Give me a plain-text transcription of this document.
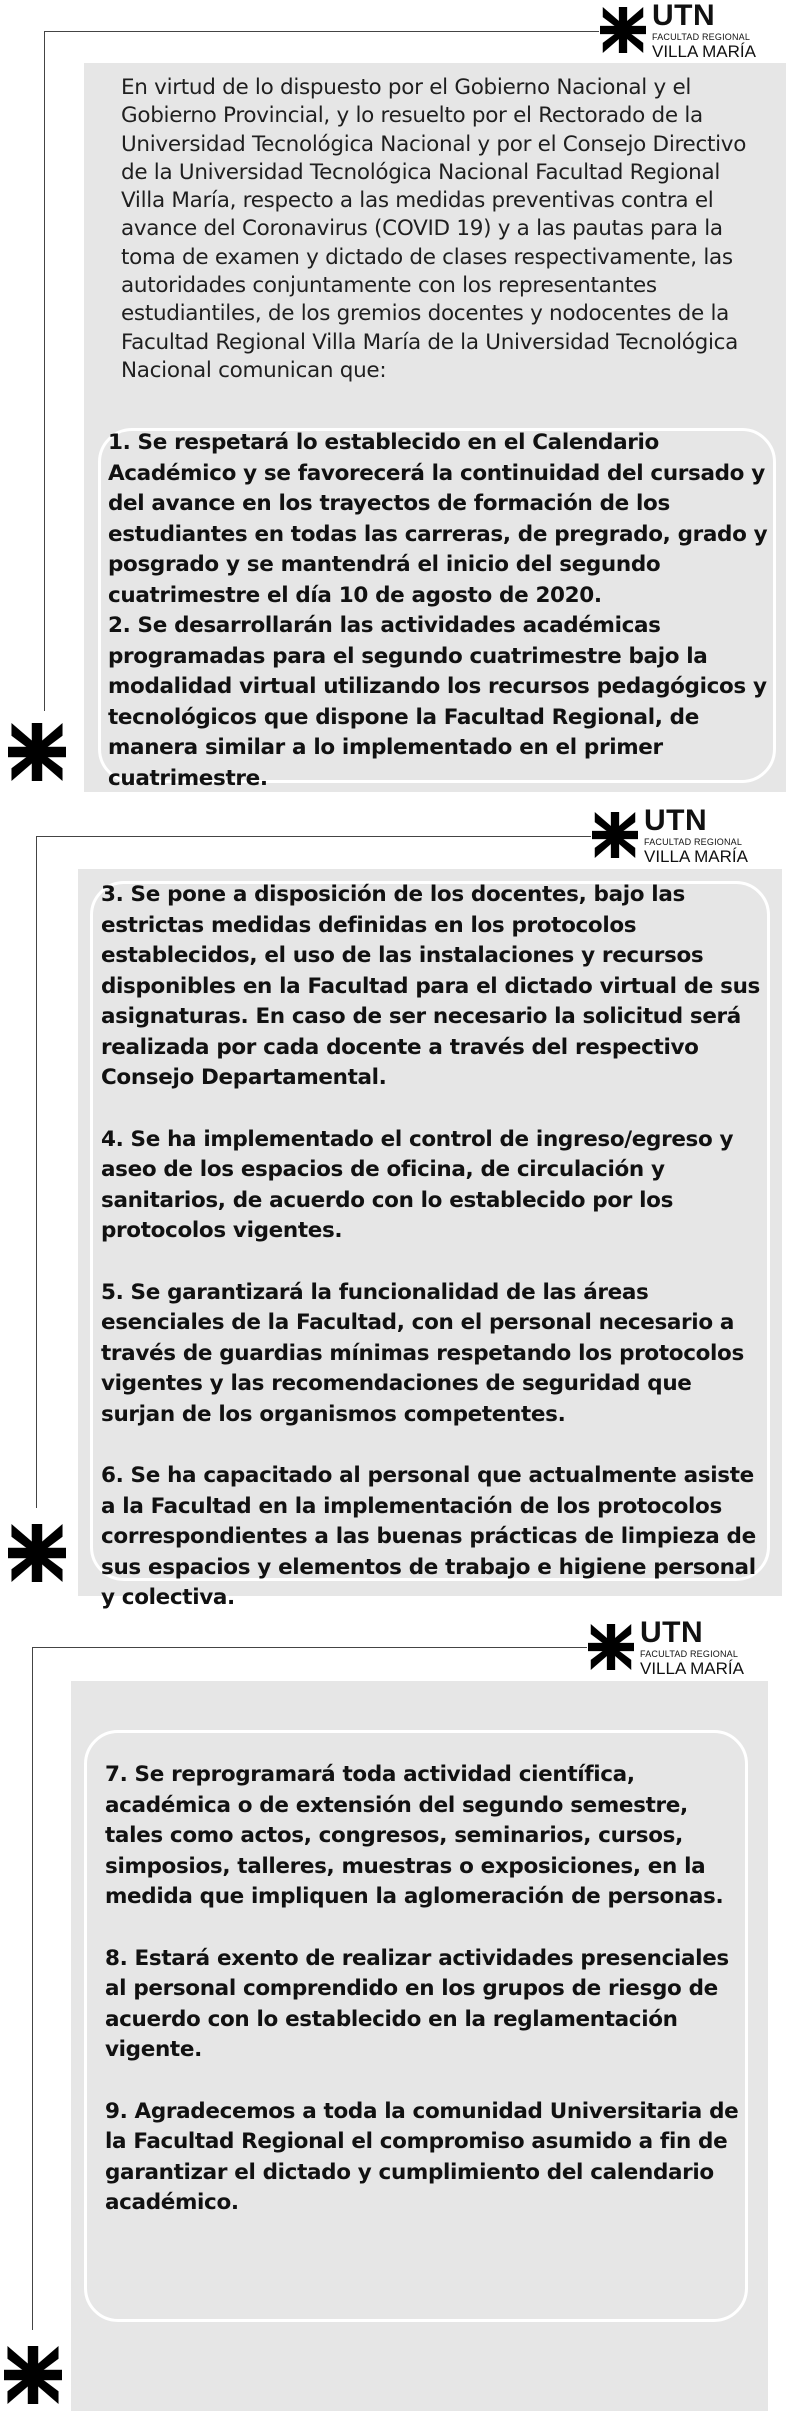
UTN
FACULTAD REGIONAL
VILLA MARÍA
En virtud de lo dispuesto por el Gobierno Nacional y el Gobierno Provincial, y lo resuelto por el Rectorado de la Universidad Tecnológica Nacional y por el Consejo Directivo de la Universidad Tecnológica Nacional Facultad Regional Villa María, respecto a las medidas preventivas contra el avance del Coronavirus (COVID 19) y a las pautas para la toma de examen y dictado de clases respectivamente, las autoridades conjuntamente con los representantes estudiantiles, de los gremios docentes y nodocentes de la Facultad Regional Villa María de la Universidad Tecnológica Nacional comunican que:

1. Se respetará lo establecido en el Calendario Académico y se favorecerá la continuidad del cursado y del avance en los trayectos de formación de los estudiantes en todas las carreras, de pregrado, grado y posgrado y se mantendrá el inicio del segundo cuatrimestre el día 10 de agosto de 2020.

2. Se desarrollarán las actividades académicas programadas para el segundo cuatrimestre bajo la modalidad virtual utilizando los recursos pedagógicos y tecnológicos que dispone la Facultad Regional, de manera similar a lo implementado en el primer cuatrimestre.

UTN
FACULTAD REGIONAL
VILLA MARÍA

3. Se pone a disposición de los docentes, bajo las estrictas medidas definidas en los protocolos establecidos, el uso de las instalaciones y recursos disponibles en la Facultad para el dictado virtual de sus asignaturas. En caso de ser necesario la solicitud será realizada por cada docente a través del respectivo Consejo Departamental.

4. Se ha implementado el control de ingreso/egreso y aseo de los espacios de oficina, de circulación y sanitarios, de acuerdo con lo establecido por los protocolos vigentes.

5. Se garantizará la funcionalidad de las áreas esenciales de la Facultad, con el personal necesario a través de guardias mínimas respetando los protocolos vigentes y las recomendaciones de seguridad que surjan de los organismos competentes.

6. Se ha capacitado al personal que actualmente asiste a la Facultad en la implementación de los protocolos correspondientes a las buenas prácticas de limpieza de sus espacios y elementos de trabajo e higiene personal y colectiva.

UTN
FACULTAD REGIONAL
VILLA MARÍA

7. Se reprogramará toda actividad científica, académica o de extensión del segundo semestre, tales como actos, congresos, seminarios, cursos, simposios, talleres, muestras o exposiciones, en la medida que impliquen la aglomeración de personas.

8. Estará exento de realizar actividades presenciales al personal comprendido en los grupos de riesgo de acuerdo con lo establecido en la reglamentación vigente.

9. Agradecemos a toda la comunidad Universitaria de la Facultad Regional el compromiso asumido a fin de garantizar el dictado y cumplimiento del calendario académico.
